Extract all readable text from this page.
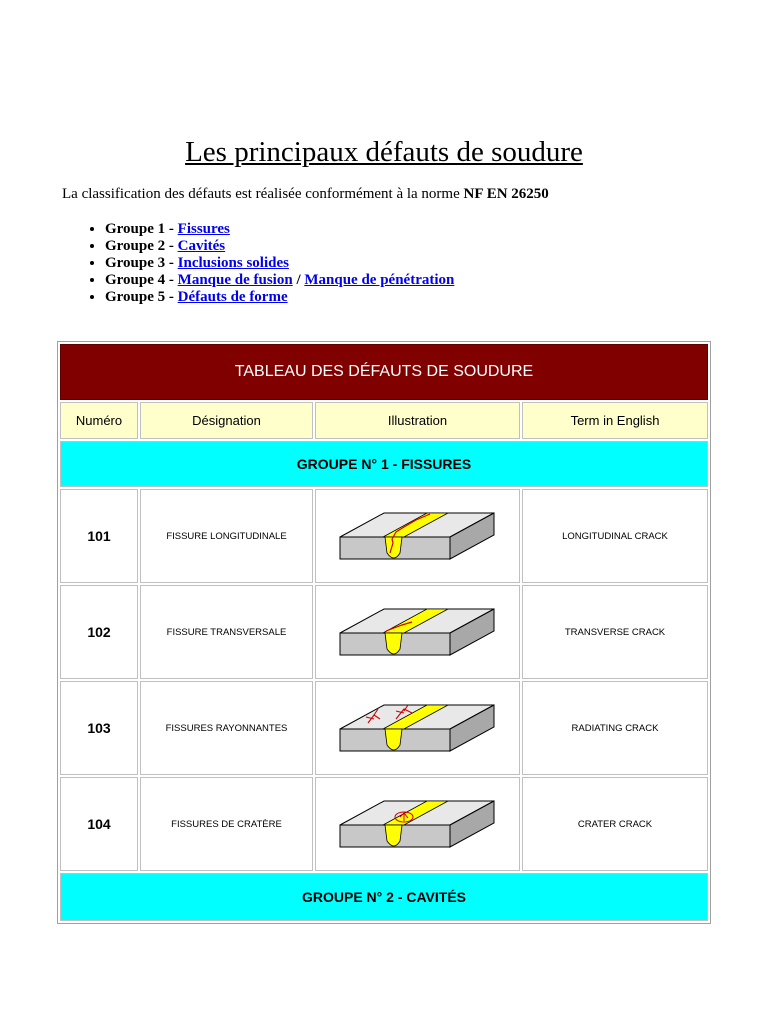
Les principaux défauts de soudure
La classification des défauts est réalisée conformément à la norme NF EN 26250
• Groupe 1 - Fissures
• Groupe 2 - Cavités
• Groupe 3 - Inclusions solides
• Groupe 4 - Manque de fusion / Manque de pénétration
• Groupe 5 - Défauts de forme
TABLEAU DES DÉFAUTS DE SOUDURE
Numéro	Désignation	Illustration	Term in English
GROUPE N° 1 - FISSURES
101	FISSURE LONGITUDINALE	LONGITUDINAL CRACK
102	FISSURE TRANSVERSALE	TRANSVERSE CRACK
103	FISSURES RAYONNANTES	RADIATING CRACK
104	FISSURES DE CRATÈRE	CRATER CRACK
GROUPE N° 2 - CAVITÉS
